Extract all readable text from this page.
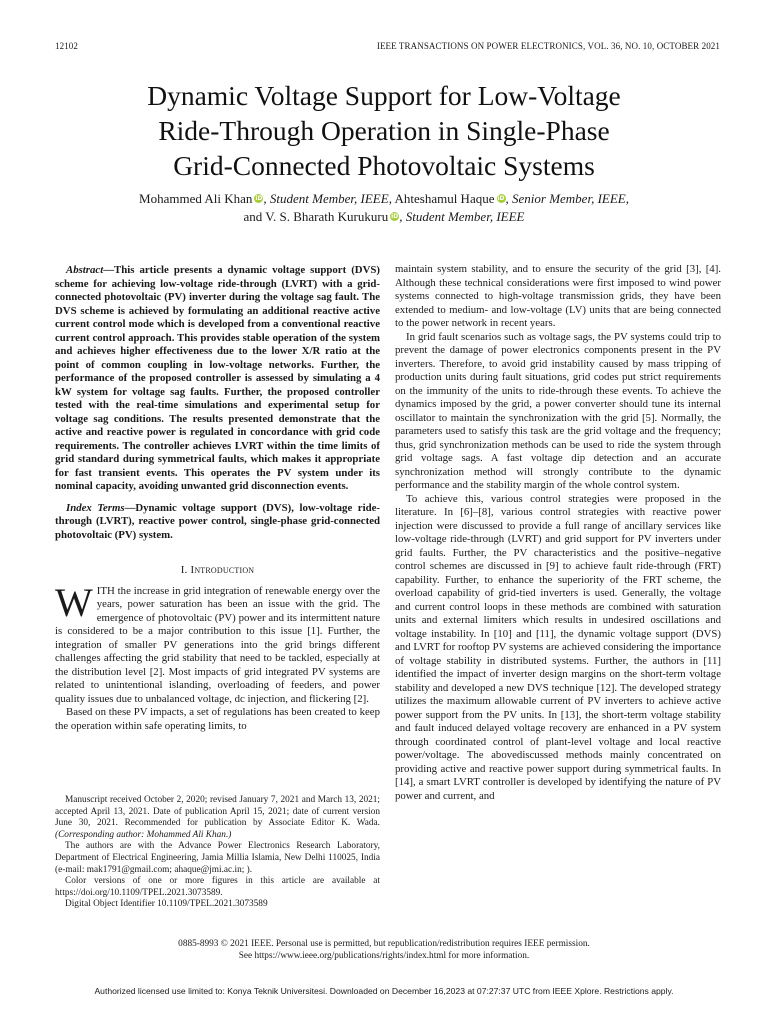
12102	IEEE TRANSACTIONS ON POWER ELECTRONICS, VOL. 36, NO. 10, OCTOBER 2021
Dynamic Voltage Support for Low-Voltage
Ride-Through Operation in Single-Phase
Grid-Connected Photovoltaic Systems
Mohammed Ali Khan iD, Student Member, IEEE, Ahteshamul Haque iD, Senior Member, IEEE,
and V. S. Bharath Kurukuru iD, Student Member, IEEE

Abstract—This article presents a dynamic voltage support (DVS) scheme for achieving low-voltage ride-through (LVRT) with a grid-connected photovoltaic (PV) inverter during the voltage sag fault. The DVS scheme is achieved by formulating an additional reactive active current control mode which is developed from a conventional reactive current control approach. This provides stable operation of the system and achieves higher effectiveness due to the lower X/R ratio at the point of common coupling in low-voltage networks. Further, the performance of the proposed controller is assessed by simulating a 4 kW system for voltage sag faults. Further, the proposed controller tested with the real-time simulations and experimental setup for voltage sag conditions. The results presented demonstrate that the active and reactive power is regulated in concordance with grid code requirements. The controller achieves LVRT within the time limits of grid standard during symmetrical faults, which makes it appropriate for fast transient events. This operates the PV system under its nominal capacity, avoiding unwanted grid disconnection events.

Index Terms—Dynamic voltage support (DVS), low-voltage ride-through (LVRT), reactive power control, single-phase grid-connected photovoltaic (PV) system.

I. Introduction

WITH the increase in grid integration of renewable energy over the years, power saturation has been an issue with the grid. The emergence of photovoltaic (PV) power and its intermittent nature is considered to be a major contribution to this issue [1]. Further, the integration of smaller PV generations into the grid brings different challenges affecting the grid stability that need to be tackled, especially at the distribution level [2]. Most impacts of grid integrated PV systems are related to unintentional islanding, overloading of feeders, and power quality issues due to unbalanced voltage, dc injection, and flickering [2].

Based on these PV impacts, a set of regulations has been created to keep the operation within safe operating limits, to

Manuscript received October 2, 2020; revised January 7, 2021 and March 13, 2021; accepted April 13, 2021. Date of publication April 15, 2021; date of current version June 30, 2021. Recommended for publication by Associate Editor K. Wada. (Corresponding author: Mohammed Ali Khan.)

The authors are with the Advance Power Electronics Research Laboratory, Department of Electrical Engineering, Jamia Millia Islamia, New Delhi 110025, India (e-mail: mak1791@gmail.com; ahaque@jmi.ac.in; ).

Color versions of one or more figures in this article are available at https://doi.org/10.1109/TPEL.2021.3073589.

Digital Object Identifier 10.1109/TPEL.2021.3073589

maintain system stability, and to ensure the security of the grid [3], [4]. Although these technical considerations were first imposed to wind power systems connected to high-voltage transmission grids, they have been extended to medium- and low-voltage (LV) units that are being connected to the power network in recent years.

In grid fault scenarios such as voltage sags, the PV systems could trip to prevent the damage of power electronics components present in the PV inverters. Therefore, to avoid grid instability caused by mass tripping of production units during fault situations, grid codes put strict requirements on the immunity of the units to ride-through these events. To achieve the dynamics imposed by the grid, a power converter should tune its internal oscillator to maintain the synchronization with the grid [5]. Normally, the parameters used to satisfy this task are the grid voltage and the frequency; thus, grid synchronization methods can be used to ride the system through grid voltage sags. A fast voltage dip detection and an accurate synchronization method will strongly contribute to the dynamic performance and the stability margin of the whole control system.

To achieve this, various control strategies were proposed in the literature. In [6]–[8], various control strategies with reactive power injection were discussed to provide a full range of ancillary services like low-voltage ride-through (LVRT) and grid support for PV inverters under grid faults. Further, the PV characteristics and the positive–negative control schemes are discussed in [9] to achieve fault ride-through (FRT) capability. Further, to enhance the superiority of the FRT scheme, the overload capability of grid-tied inverters is used. Generally, the voltage and current control loops in these methods are combined with saturation units and external limiters which results in undesired oscillations and voltage instability. In [10] and [11], the dynamic voltage support (DVS) and LVRT for rooftop PV systems are achieved considering the importance of voltage stability in distributed systems. Further, the authors in [11] identified the impact of inverter design margins on the short-term voltage stability and developed a new DVS technique [12]. The developed strategy utilizes the maximum allowable current of PV inverters to achieve active power support from the PV units. In [13], the short-term voltage stability and fault induced delayed voltage recovery are enhanced in a PV system through coordinated control of plant-level voltage and local reactive power/voltage. The abovediscussed methods mainly concentrated on providing active and reactive power support during symmetrical faults. In [14], a smart LVRT controller is developed by identifying the nature of PV power and current, and

0885-8993 © 2021 IEEE. Personal use is permitted, but republication/redistribution requires IEEE permission.
See https://www.ieee.org/publications/rights/index.html for more information.
Authorized licensed use limited to: Konya Teknik Universitesi. Downloaded on December 16,2023 at 07:27:37 UTC from IEEE Xplore. Restrictions apply.
